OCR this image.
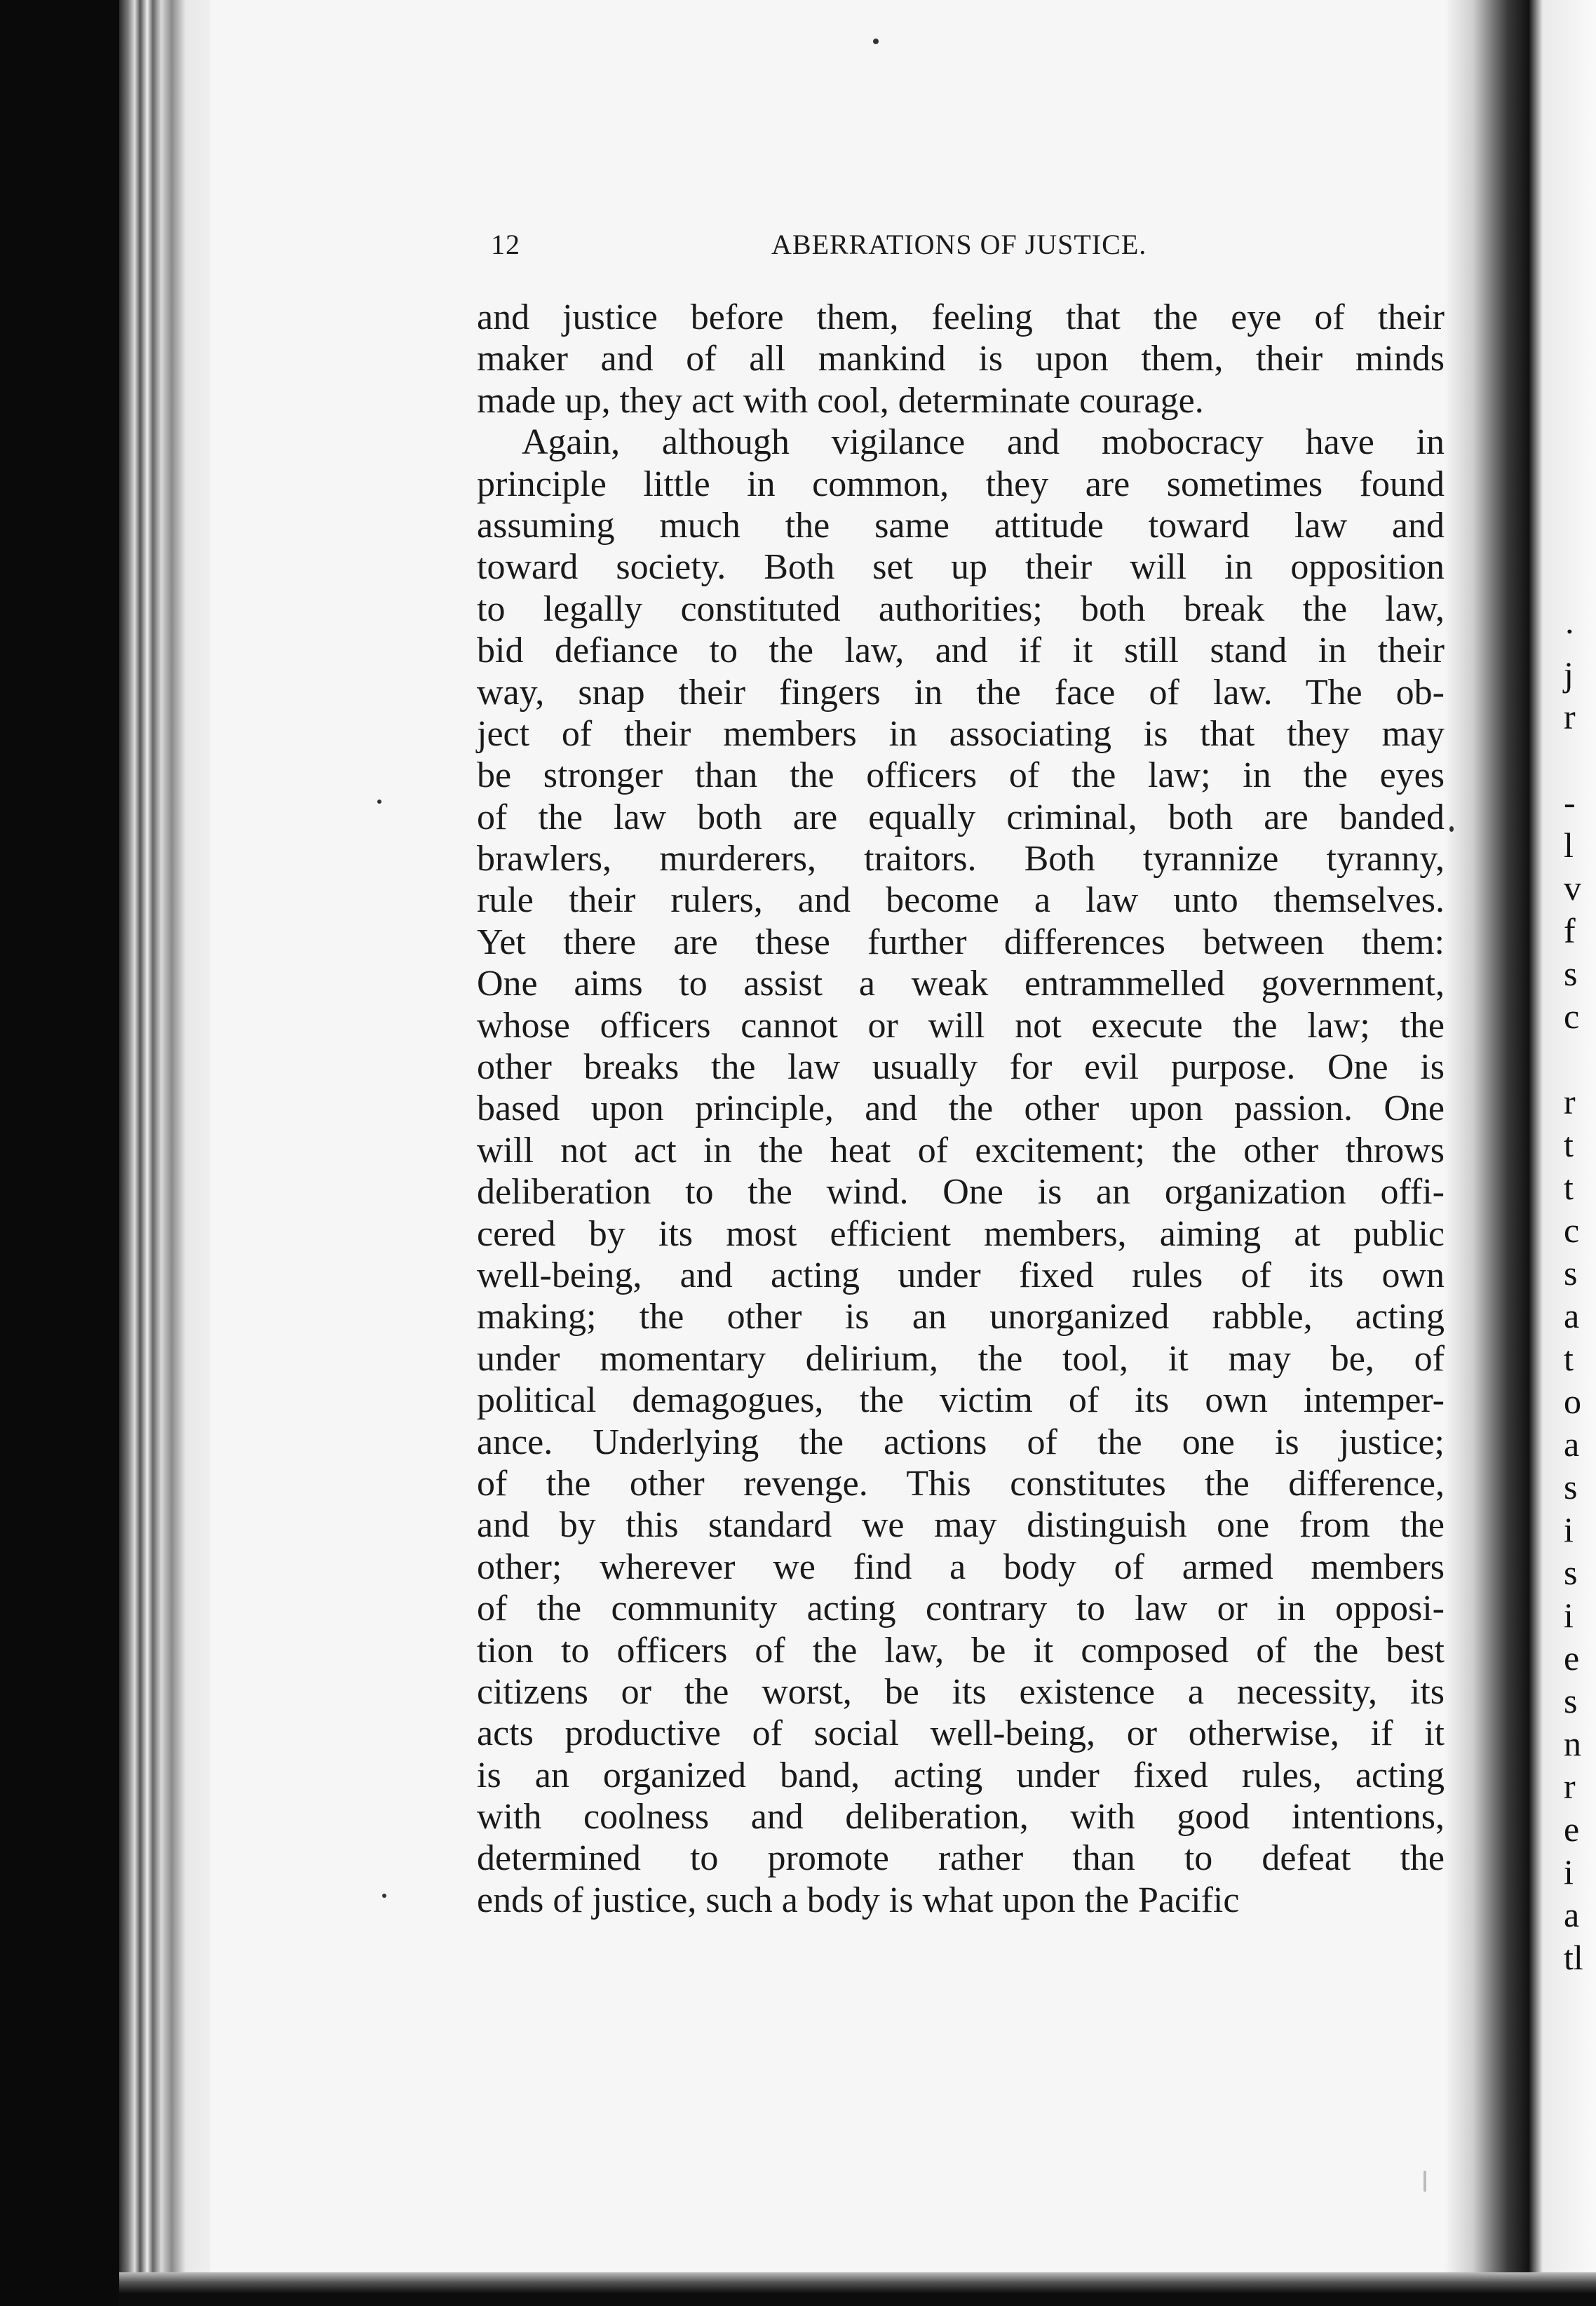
12	ABERRATIONS OF JUSTICE.
and justice before them, feeling that the eye of their
maker and of all mankind is upon them, their minds
made up, they act with cool, determinate courage.
Again, although vigilance and mobocracy have in
principle little in common, they are sometimes found
assuming much the same attitude toward law and
toward society. Both set up their will in opposition
to legally constituted authorities; both break the law,
bid defiance to the law, and if it still stand in their
way, snap their fingers in the face of law. The ob-
ject of their members in associating is that they may
be stronger than the officers of the law; in the eyes
of the law both are equally criminal, both are banded
brawlers, murderers, traitors. Both tyrannize tyranny,
rule their rulers, and become a law unto themselves.
Yet there are these further differences between them:
One aims to assist a weak entrammelled government,
whose officers cannot or will not execute the law; the
other breaks the law usually for evil purpose. One is
based upon principle, and the other upon passion. One
will not act in the heat of excitement; the other throws
deliberation to the wind. One is an organization offi-
cered by its most efficient members, aiming at public
well-being, and acting under fixed rules of its own
making; the other is an unorganized rabble, acting
under momentary delirium, the tool, it may be, of
political demagogues, the victim of its own intemper-
ance. Underlying the actions of the one is justice;
of the other revenge. This constitutes the difference,
and by this standard we may distinguish one from the
other; wherever we find a body of armed members
of the community acting contrary to law or in opposi-
tion to officers of the law, be it composed of the best
citizens or the worst, be its existence a necessity, its
acts productive of social well-being, or otherwise, if it
is an organized band, acting under fixed rules, acting
with coolness and deliberation, with good intentions,
determined to promote rather than to defeat the
ends of justice, such a body is what upon the Pacific
·
j
r
-
l
v
f
s
c
r
t
t
c
s
a
t
o
a
s
i
s
i
e
s
n
r
e
i
a
tl
